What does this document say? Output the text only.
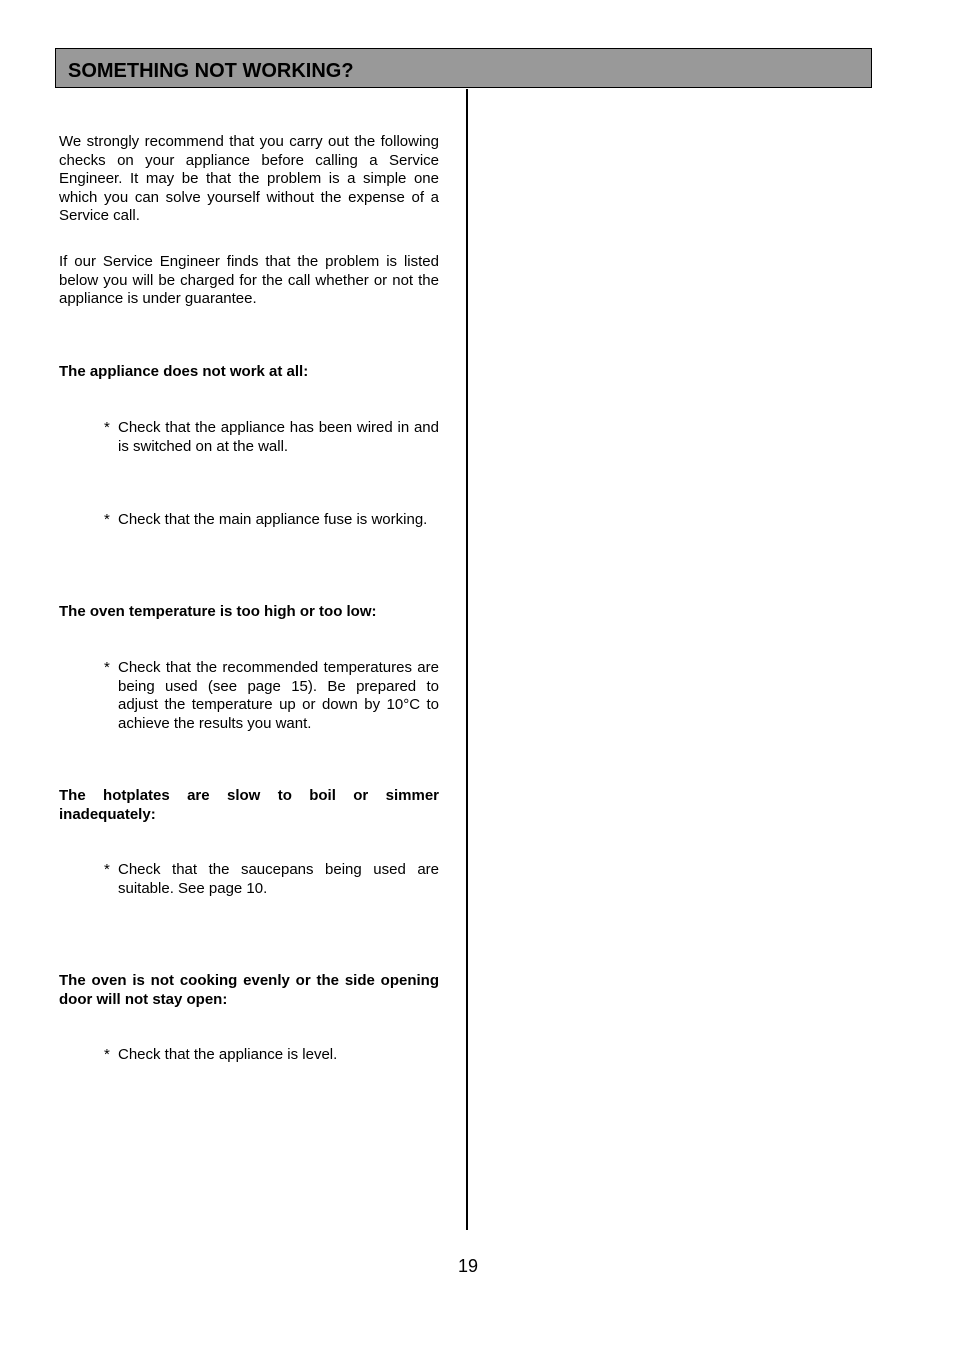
SOMETHING NOT WORKING?

We strongly recommend that you carry out the following checks on your appliance before calling a Service Engineer. It may be that the problem is a simple one which you can solve yourself without the expense of a Service call.

If our Service Engineer finds that the problem is listed below you will be charged for the call whether or not the appliance is under guarantee.

The appliance does not work at all:
* Check that the appliance has been wired in and is switched on at the wall.
* Check that the main appliance fuse is working.
The oven temperature is too high or too low:
* Check that the recommended temperatures are being used (see page 15). Be prepared to adjust the temperature up or down by 10°C to achieve the results you want.
The hotplates are slow to boil or simmer inadequately:
* Check that the saucepans being used are suitable. See page 10.
The oven is not cooking evenly or the side opening door will not stay open:
* Check that the appliance is level.
19
